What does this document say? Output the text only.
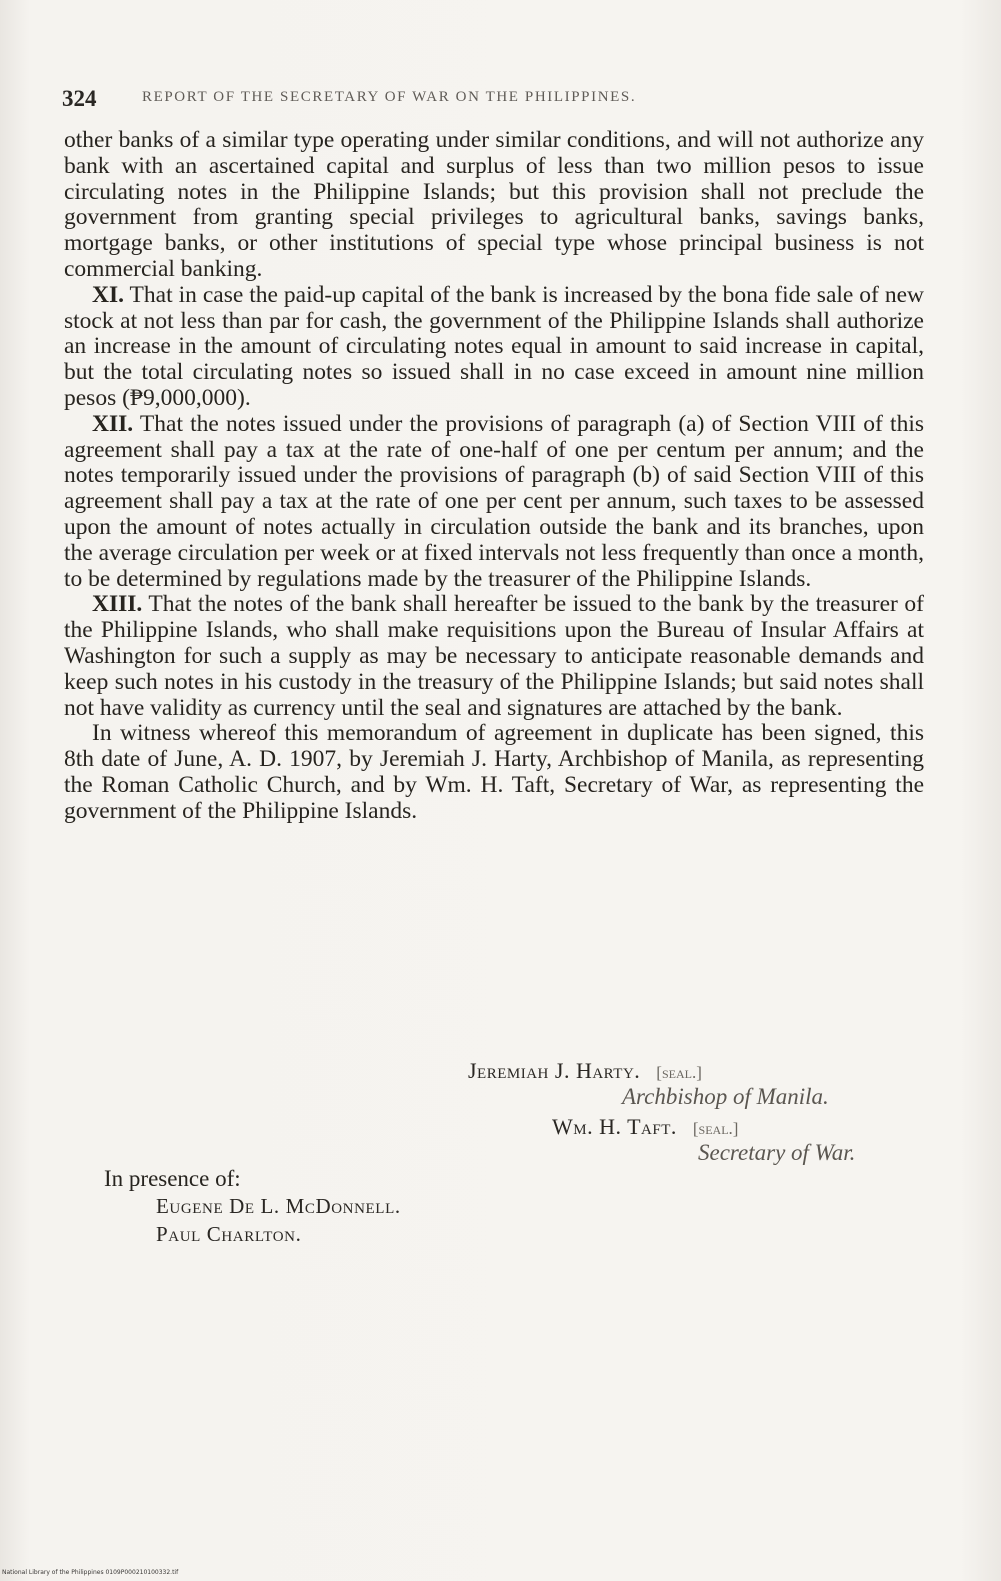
324	REPORT OF THE SECRETARY OF WAR ON THE PHILIPPINES.

other banks of a similar type operating under similar conditions, and will not authorize any bank with an ascertained capital and surplus of less than two million pesos to issue circulating notes in the Philippine Islands; but this provision shall not preclude the government from granting special privileges to agricultural banks, savings banks, mortgage banks, or other institutions of special type whose principal business is not commercial banking.

XI. That in case the paid-up capital of the bank is increased by the bona fide sale of new stock at not less than par for cash, the government of the Philippine Islands shall authorize an increase in the amount of circulating notes equal in amount to said increase in capital, but the total circulating notes so issued shall in no case exceed in amount nine million pesos (₱9,000,000).

XII. That the notes issued under the provisions of paragraph (a) of Section VIII of this agreement shall pay a tax at the rate of one-half of one per centum per annum; and the notes temporarily issued under the provisions of paragraph (b) of said Section VIII of this agreement shall pay a tax at the rate of one per cent per annum, such taxes to be assessed upon the amount of notes actually in circulation outside the bank and its branches, upon the average circulation per week or at fixed intervals not less frequently than once a month, to be determined by regulations made by the treasurer of the Philippine Islands.

XIII. That the notes of the bank shall hereafter be issued to the bank by the treasurer of the Philippine Islands, who shall make requisitions upon the Bureau of Insular Affairs at Washington for such a supply as may be necessary to anticipate reasonable demands and keep such notes in his custody in the treasury of the Philippine Islands; but said notes shall not have validity as currency until the seal and signatures are attached by the bank.

In witness whereof this memorandum of agreement in duplicate has been signed, this 8th date of June, A. D. 1907, by Jeremiah J. Harty, Archbishop of Manila, as representing the Roman Catholic Church, and by Wm. H. Taft, Secretary of War, as representing the government of the Philippine Islands.

Jeremiah J. Harty. [seal.]
Archbishop of Manila.
Wm. H. Taft. [seal.]
Secretary of War.
In presence of:
Eugene De L. McDonnell.
Paul Charlton.
National Library of the Philippines 0109P000210100332.tif
